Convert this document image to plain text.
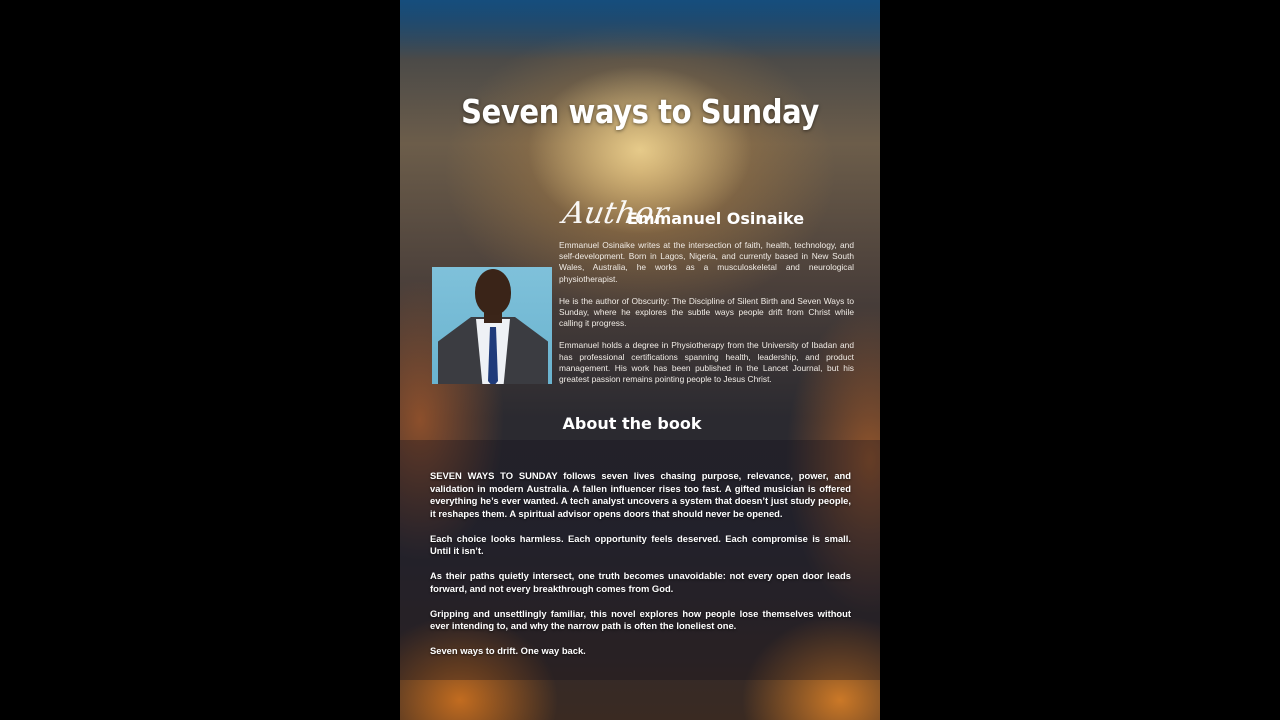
Seven ways to Sunday
Author
Emmanuel Osinaike

Emmanuel Osinaike writes at the intersection of faith, health, technology, and self-development. Born in Lagos, Nigeria, and currently based in New South Wales, Australia, he works as a musculoskeletal and neurological physiotherapist.

He is the author of Obscurity: The Discipline of Silent Birth and Seven Ways to Sunday, where he explores the subtle ways people drift from Christ while calling it progress.

Emmanuel holds a degree in Physiotherapy from the University of Ibadan and has professional certifications spanning health, leadership, and product management. His work has been published in the Lancet Journal, but his greatest passion remains pointing people to Jesus Christ.

About the book

SEVEN WAYS TO SUNDAY follows seven lives chasing purpose, relevance, power, and validation in modern Australia. A fallen influencer rises too fast. A gifted musician is offered everything he’s ever wanted. A tech analyst uncovers a system that doesn’t just study people, it reshapes them. A spiritual advisor opens doors that should never be opened.

Each choice looks harmless. Each opportunity feels deserved. Each compromise is small. Until it isn’t.

As their paths quietly intersect, one truth becomes unavoidable: not every open door leads forward, and not every breakthrough comes from God.

Gripping and unsettlingly familiar, this novel explores how people lose themselves without ever intending to, and why the narrow path is often the loneliest one.

Seven ways to drift. One way back.
